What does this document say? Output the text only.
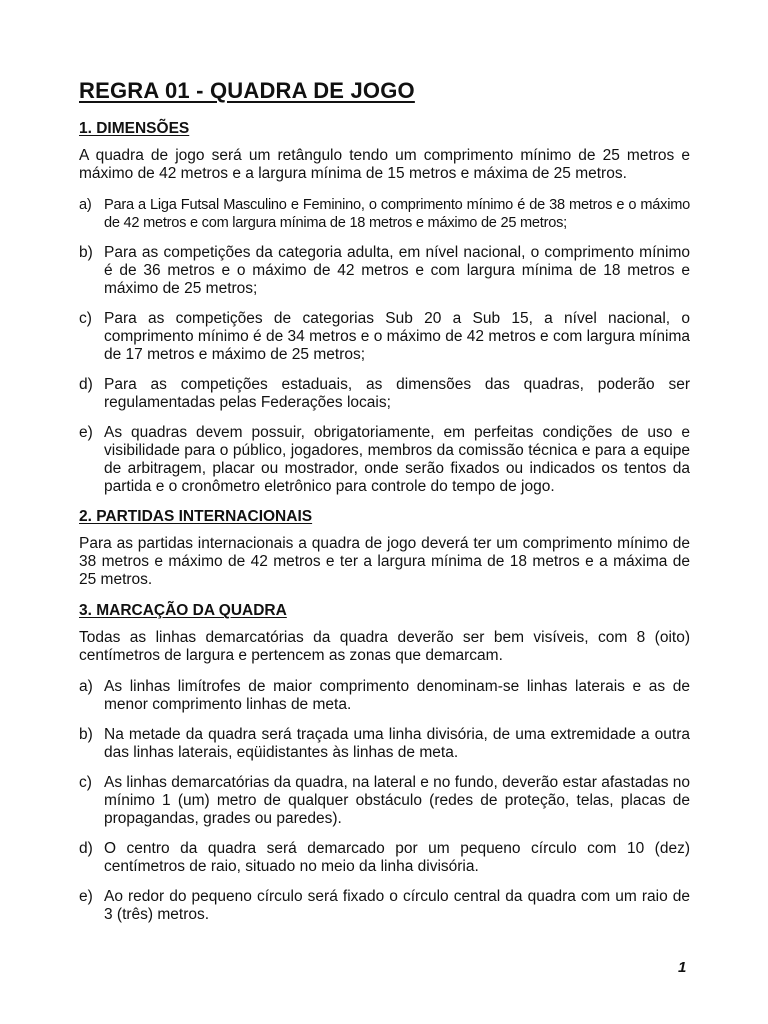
REGRA 01 - QUADRA DE JOGO
1. DIMENSÕES

A quadra de jogo será um retângulo tendo um comprimento mínimo de 25 metros e máximo de 42 metros e a largura mínima de 15 metros e máxima de 25 metros.

a) Para a Liga Futsal Masculino e Feminino, o comprimento mínimo é de 38 metros e o máximo de 42 metros e com largura mínima de 18 metros e máximo de 25 metros;
b) Para as competições da categoria adulta, em nível nacional, o comprimento mínimo é de 36 metros e o máximo de 42 metros e com largura mínima de 18 metros e máximo de 25 metros;
c) Para as competições de categorias Sub 20 a Sub 15, a nível nacional, o comprimento mínimo é de 34 metros e o máximo de 42 metros e com largura mínima de 17 metros e máximo de 25 metros;
d) Para as competições estaduais, as dimensões das quadras, poderão ser regulamentadas pelas Federações locais;
e) As quadras devem possuir, obrigatoriamente, em perfeitas condições de uso e visibilidade para o público, jogadores, membros da comissão técnica e para a equipe de arbitragem, placar ou mostrador, onde serão fixados ou indicados os tentos da partida e o cronômetro eletrônico para controle do tempo de jogo.
2. PARTIDAS INTERNACIONAIS

Para as partidas internacionais a quadra de jogo deverá ter um comprimento mínimo de 38 metros e máximo de 42 metros e ter a largura mínima de 18 metros e a máxima de 25 metros.

3. MARCAÇÃO DA QUADRA

Todas as linhas demarcatórias da quadra deverão ser bem visíveis, com 8 (oito) centímetros de largura e pertencem as zonas que demarcam.

a) As linhas limítrofes de maior comprimento denominam-se linhas laterais e as de menor comprimento linhas de meta.
b) Na metade da quadra será traçada uma linha divisória, de uma extremidade a outra das linhas laterais, eqüidistantes às linhas de meta.
c) As linhas demarcatórias da quadra, na lateral e no fundo, deverão estar afastadas no mínimo 1 (um) metro de qualquer obstáculo (redes de proteção, telas, placas de propagandas, grades ou paredes).
d) O centro da quadra será demarcado por um pequeno círculo com 10 (dez) centímetros de raio, situado no meio da linha divisória.
e) Ao redor do pequeno círculo será fixado o círculo central da quadra com um raio de 3 (três) metros.
1
